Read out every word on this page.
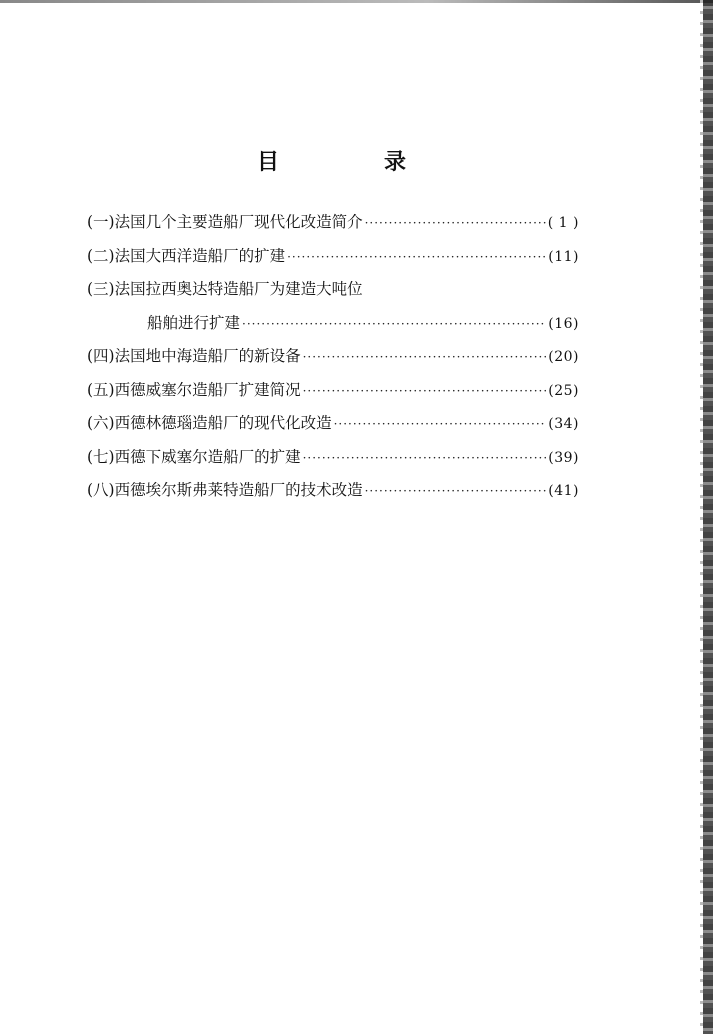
目	录
(一)法国几个主要造船厂现代化改造简介 ·····	( 1 )
(二)法国大西洋造船厂的扩建 ·····	(11)
(三)法国拉西奥达特造船厂为建造大吨位
船舶进行扩建 ·····	(16)
(四)法国地中海造船厂的新设备 ·····	(20)
(五)西德威塞尔造船厂扩建简况 ·····	(25)
(六)西德林德瑙造船厂的现代化改造 ·····	(34)
(七)西德下威塞尔造船厂的扩建 ·····	(39)
(八)西德埃尔斯弗莱特造船厂的技术改造 ·····	(41)
